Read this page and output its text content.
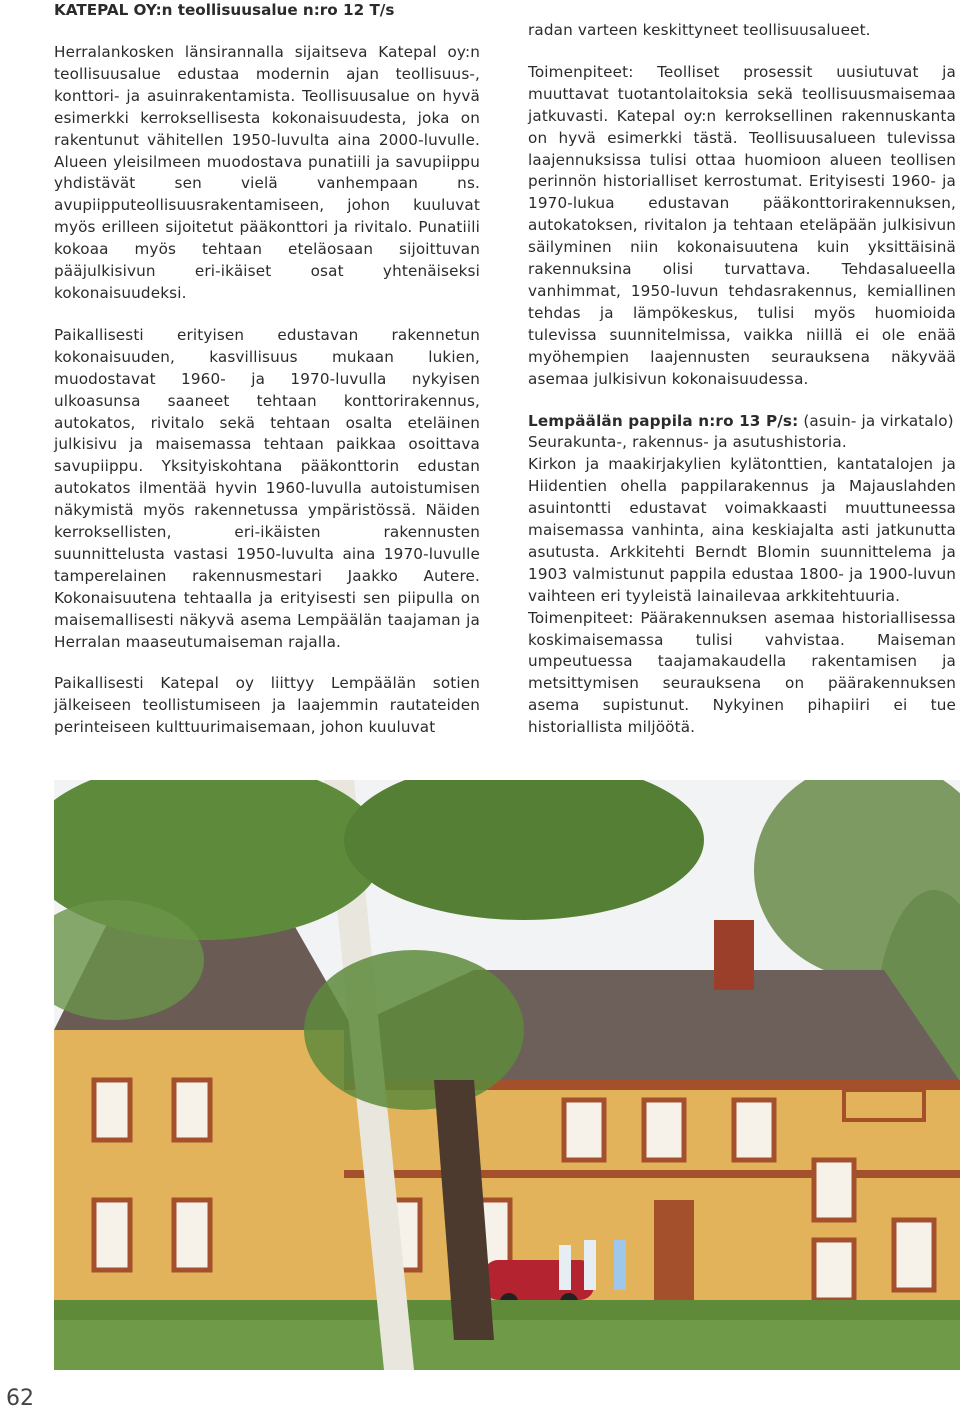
KATEPAL OY:n teollisuusalue n:ro 12 T/s

Herralankosken länsirannalla sijaitseva Katepal oy:n teollisuusalue edustaa modernin ajan teollisuus-, konttori- ja asuinrakentamista. Teollisuusalue on hyvä esimerkki kerroksellisesta kokonaisuudesta, joka on rakentunut vähitellen 1950-luvulta aina 2000-luvulle. Alueen yleisilmeen muodostava punatiili ja savupiippu yhdistävät sen vielä vanhempaan ns. avupiipputeollisuusrakentamiseen, johon kuuluvat myös erilleen sijoitetut pääkonttori ja rivitalo. Punatiili kokoaa myös tehtaan eteläosaan sijoittuvan pääjulkisivun eri-ikäiset osat yhtenäiseksi kokonaisuudeksi.

Paikallisesti erityisen edustavan rakennetun kokonaisuuden, kasvillisuus mukaan lukien, muodostavat 1960- ja 1970-luvulla nykyisen ulkoasunsa saaneet tehtaan konttorirakennus, autokatos, rivitalo sekä tehtaan osalta eteläinen julkisivu ja maisemassa tehtaan paikkaa osoittava savupiippu. Yksityiskohtana pääkonttorin edustan autokatos ilmentää hyvin 1960-luvulla autoistumisen näkymistä myös rakennetussa ympäristössä. Näiden kerroksellisten, eri-ikäisten rakennusten suunnittelusta vastasi 1950-luvulta aina 1970-luvulle tamperelainen rakennusmestari Jaakko Autere. Kokonaisuutena tehtaalla ja erityisesti sen piipulla on maisemallisesti näkyvä asema Lempäälän taajaman ja Herralan maaseutumaiseman rajalla.

Paikallisesti Katepal oy liittyy Lempäälän sotien jälkeiseen teollistumiseen ja laajemmin rautateiden perinteiseen kulttuurimaisemaan, johon kuuluvat

radan varteen keskittyneet teollisuusalueet.

Toimenpiteet: Teolliset prosessit uusiutuvat ja muuttavat tuotantolaitoksia sekä teollisuusmaisemaa jatkuvasti. Katepal oy:n kerroksellinen rakennuskanta on hyvä esimerkki tästä. Teollisuusalueen tulevissa laajennuksissa tulisi ottaa huomioon alueen teollisen perinnön historialliset kerrostumat. Erityisesti 1960- ja 1970-lukua edustavan pääkonttorirakennuksen, autokatoksen, rivitalon ja tehtaan eteläpään julkisivun säilyminen niin kokonaisuutena kuin yksittäisinä rakennuksina olisi turvattava. Tehdasalueella vanhimmat, 1950-luvun tehdasrakennus, kemiallinen tehdas ja lämpökeskus, tulisi myös huomioida tulevissa suunnitelmissa, vaikka niillä ei ole enää myöhempien laajennusten seurauksena näkyvää asemaa julkisivun kokonaisuudessa.

Lempäälän pappila n:ro 13 P/s: (asuin- ja virkatalo)

Seurakunta-, rakennus- ja asutushistoria.

Kirkon ja maakirjakylien kylätonttien, kantatalojen ja Hiidentien ohella pappilarakennus ja Majauslahden asuintontti edustavat voimakkaasti muuttuneessa maisemassa vanhinta, aina keskiajalta asti jatkunutta asutusta. Arkkitehti Berndt Blomin suunnittelema ja 1903 valmistunut pappila edustaa 1800- ja 1900-luvun vaihteen eri tyyleistä lainailevaa arkkitehtuuria.

Toimenpiteet: Päärakennuksen asemaa historiallisessa koskimaisemassa tulisi vahvistaa. Maiseman umpeutuessa taajamakaudella rakentamisen ja metsittymisen seurauksena on päärakennuksen asema supistunut. Nykyinen pihapiiri ei tue historiallista miljöötä.

62
